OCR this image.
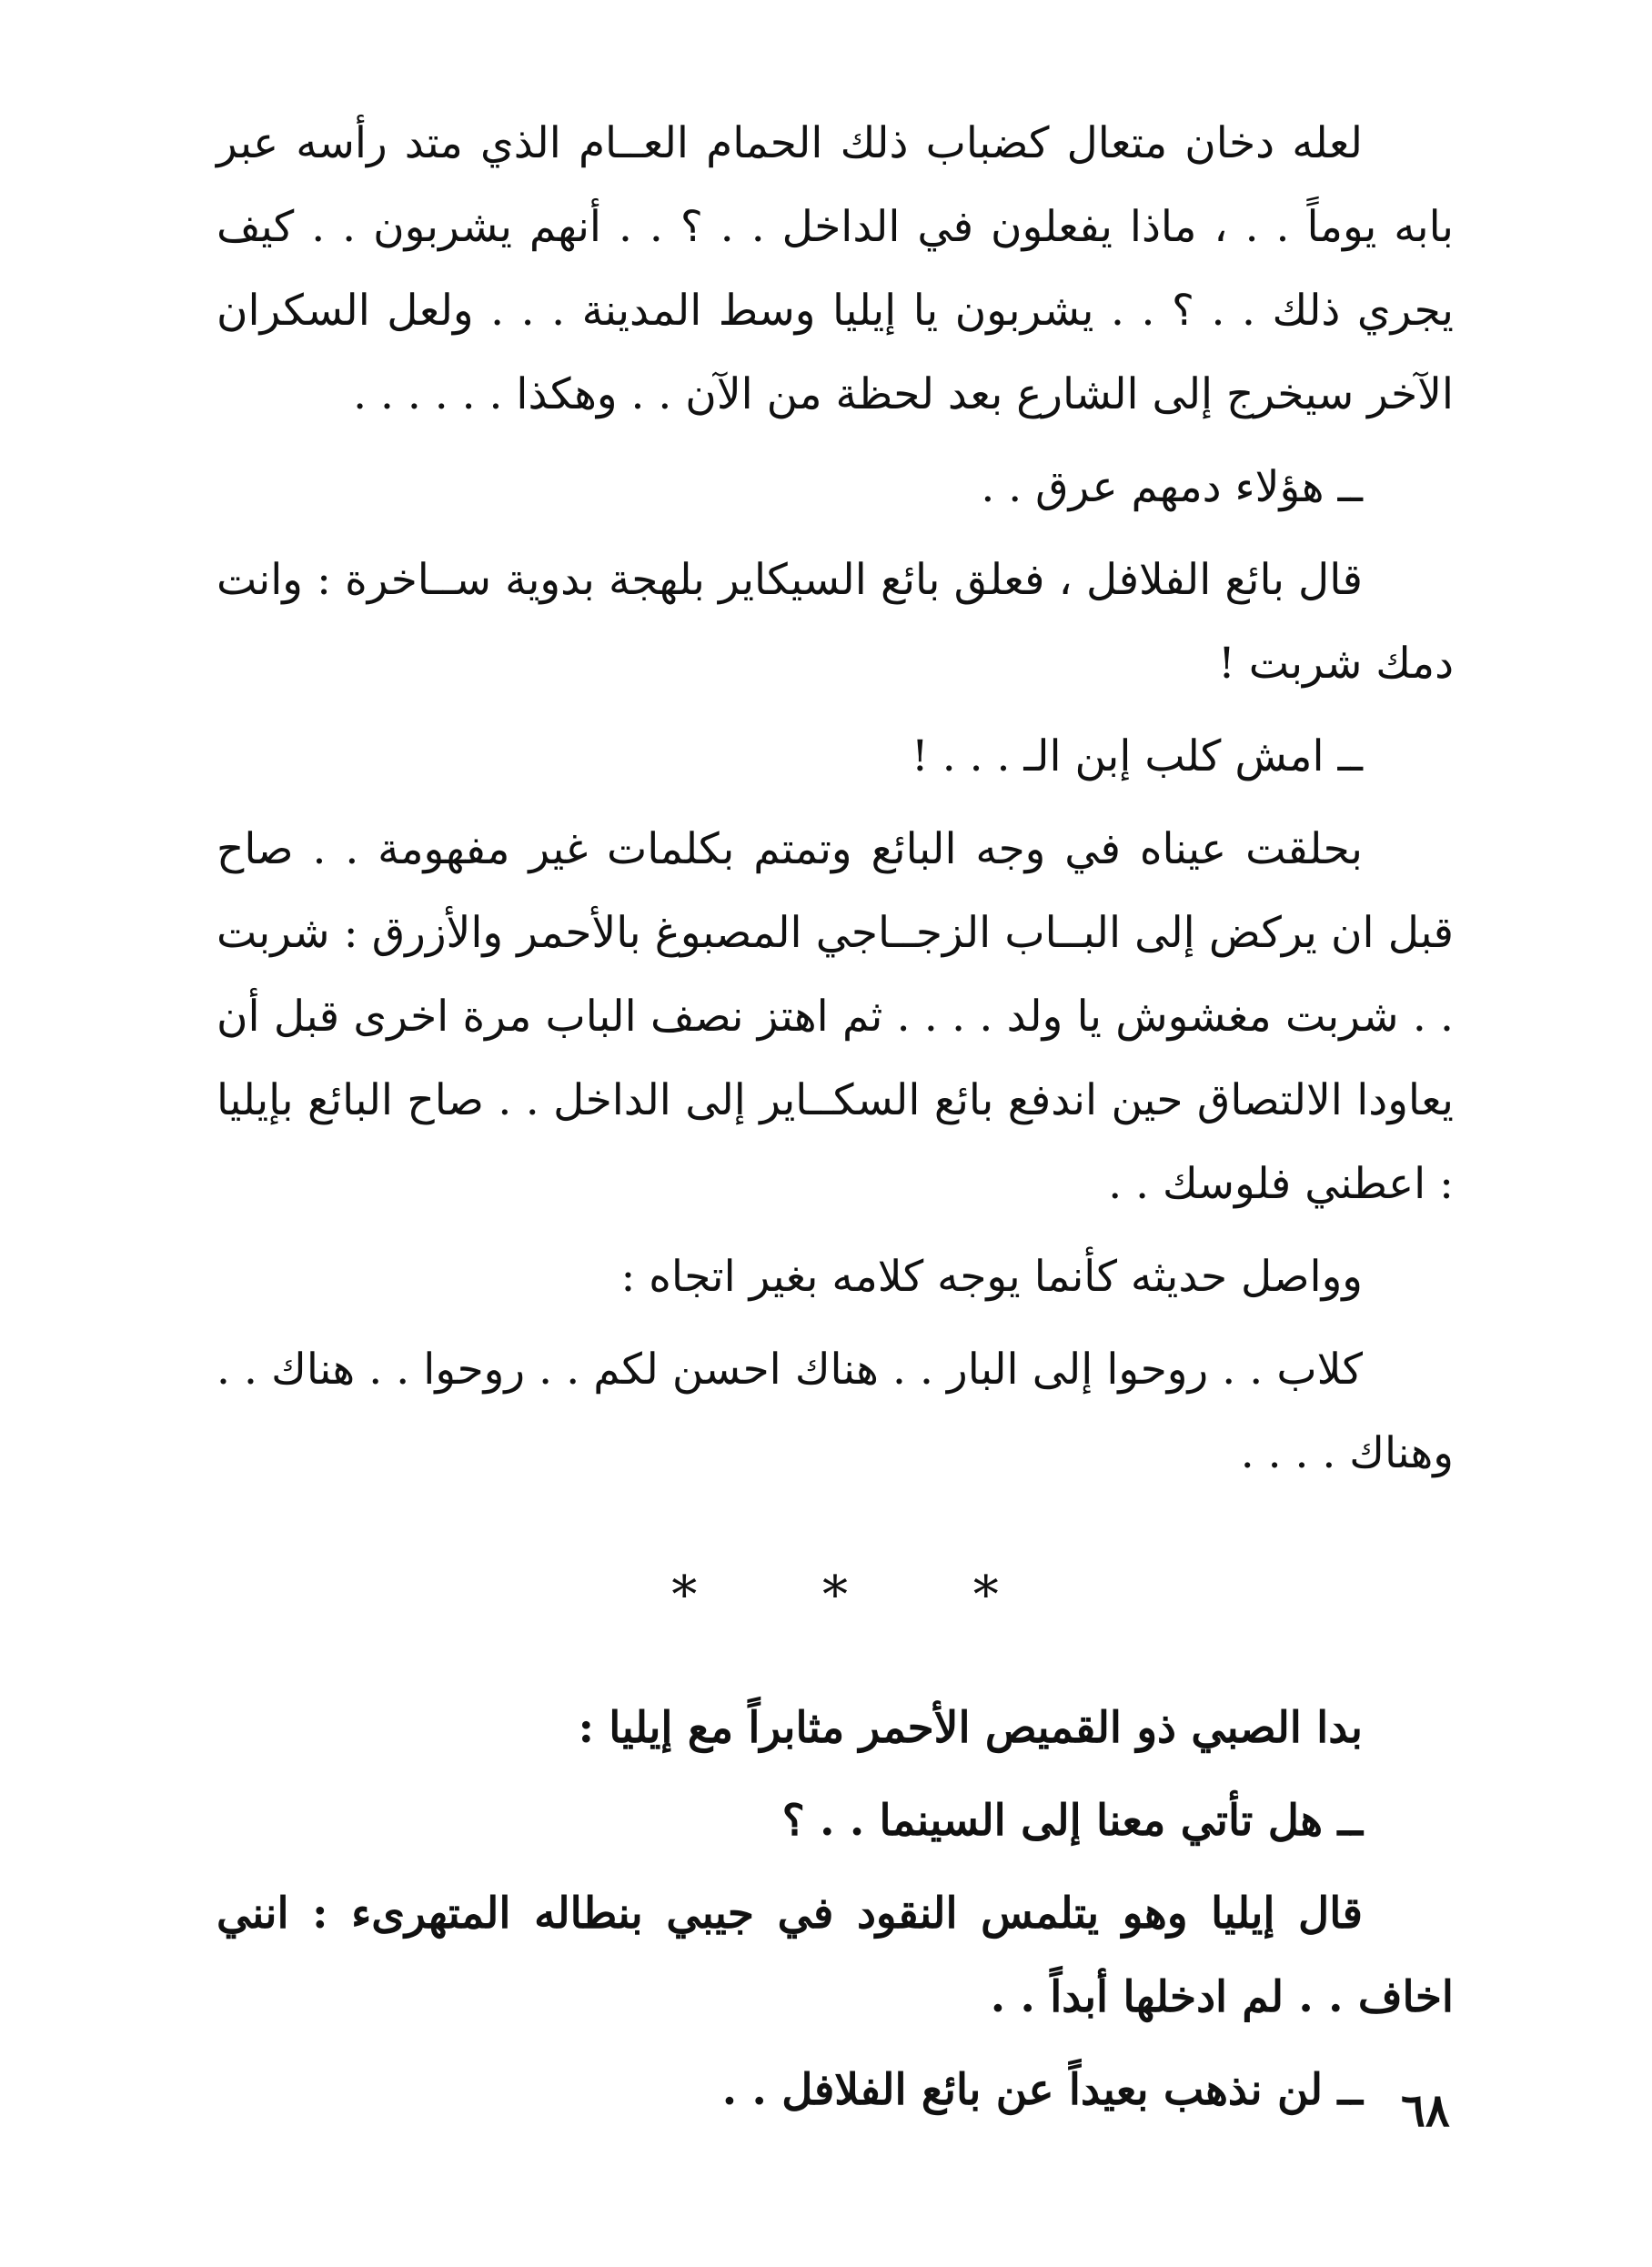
لعله دخان متعال كضباب ذلك الحمام العــام الذي متد رأسه عبر بابه يوماً . . ، ماذا يفعلون في الداخل . . ؟ . . أنهم يشربون . . كيف يجري ذلك . . ؟ . . يشربون يا إيليا وسط المدينة . . . ولعل السكران الآخر سيخرج إلى الشارع بعد لحظة من الآن . . وهكذا . . . . . .

ــ هؤلاء دمهم عرق . .

قال بائع الفلافل ، فعلق بائع السيكاير بلهجة بدوية ســاخرة : وانت دمك شربت !

ــ امش كلب إبن الـ . . . !

بحلقت عيناه في وجه البائع وتمتم بكلمات غير مفهومة . . صاح قبل ان يركض إلى البــاب الزجــاجي المصبوغ بالأحمر والأزرق : شربت . . شربت مغشوش يا ولد . . . . ثم اهتز نصف الباب مرة اخرى قبل أن يعاودا الالتصاق حين اندفع بائع السكــاير إلى الداخل . . صاح البائع بإيليا : اعطني فلوسك . .

وواصل حديثه كأنما يوجه كلامه بغير اتجاه :

كلاب . . روحوا إلى البار . . هناك احسن لكم . . روحوا . . هناك . . وهناك . . . .

* * *

بدا الصبي ذو القميص الأحمر مثابراً مع إيليا :

ــ هل تأتي معنا إلى السينما . . ؟

قال إيليا وهو يتلمس النقود في جيبي بنطاله المتهرىء : انني اخاف . . لم ادخلها أبداً . .

ــ لن نذهب بعيداً عن بائع الفلافل . . ٦٨
